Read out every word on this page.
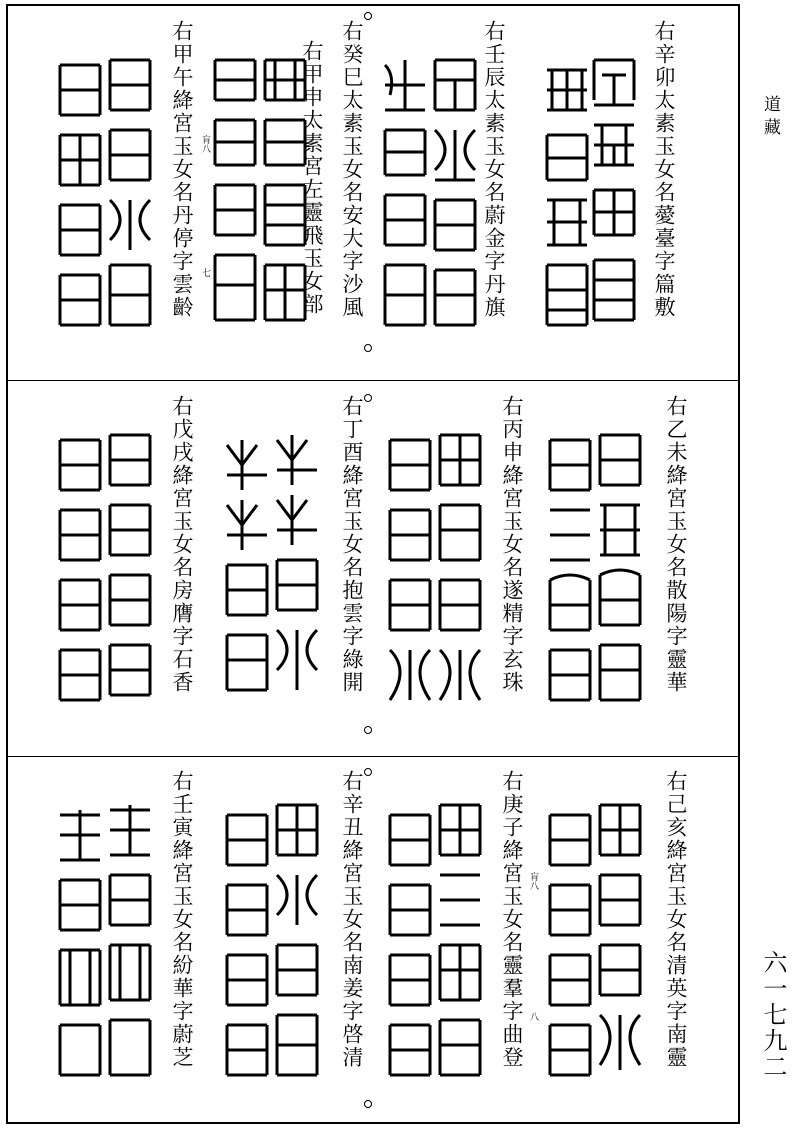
右辛卯太素玉女名薆臺字篇敷
右壬辰太素玉女名蔚金字丹旗
右癸巳太素玉女名安大字沙風
右甲申太素宮左靈飛玉女部
右甲午絳宮玉女名丹停字雲齡 肓八
七
右乙未絳宮玉女名散陽字靈華
右丙申絳宮玉女名遂精字玄珠
右丁酉絳宮玉女名抱雲字綠開
右戊戌絳宮玉女名房膺字石香
右己亥絳宮玉女名清英字南靈
右庚子絳宮玉女名靈羣字曲登
右辛丑絳宮玉女名南姜字啓清
右壬寅絳宮玉女名紛華字蔚芝	肓八
八
道藏
六一七九二
